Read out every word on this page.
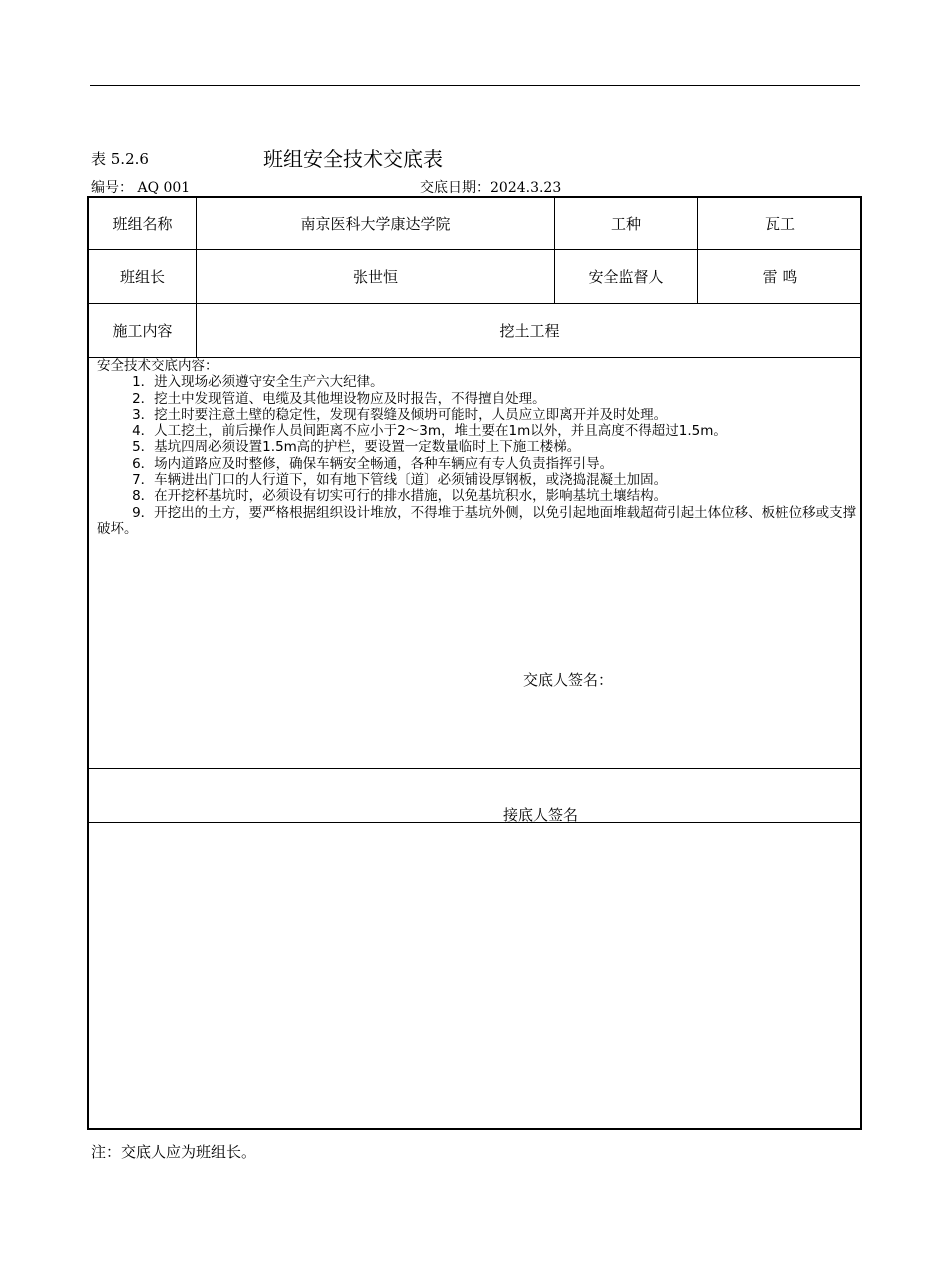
表 5.2.6	班组安全技术交底表
编号： AQ 001	交底日期：2024.3.23
班组名称	南京医科大学康达学院	工种	瓦工
班组长	张世恒	安全监督人	雷 鸣
施工内容	挖土工程
安全技术交底内容：
1．进入现场必须遵守安全生产六大纪律。
2．挖土中发现管道、电缆及其他埋设物应及时报告，不得擅自处理。
3．挖土时要注意土壁的稳定性，发现有裂缝及倾坍可能时，人员应立即离开并及时处理。
4．人工挖土，前后操作人员间距离不应小于2～3m，堆土要在1m以外，并且高度不得超过1.5m。
5．基坑四周必须设置1.5m高的护栏，要设置一定数量临时上下施工楼梯。
6．场内道路应及时整修，确保车辆安全畅通，各种车辆应有专人负责指挥引导。
7．车辆进出门口的人行道下，如有地下管线〔道〕必须铺设厚钢板，或浇捣混凝土加固。
8．在开挖杯基坑时，必须设有切实可行的排水措施，以免基坑积水，影响基坑土壤结构。
9．开挖出的土方，要严格根据组织设计堆放，不得堆于基坑外侧，以免引起地面堆载超荷引起土体位移、板桩位移或支撑破坏。
交底人签名：
接底人签名
注：交底人应为班组长。
